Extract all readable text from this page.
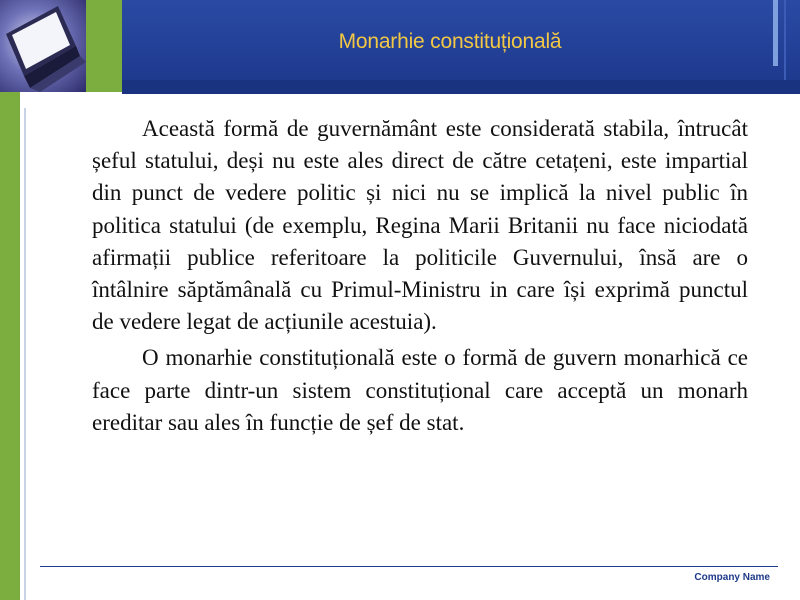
Monarhie constituțională

Această formă de guvernământ este considerată stabila, întrucât șeful statului, deși nu este ales direct de către cetațeni, este impartial din punct de vedere politic și nici nu se implică la nivel public în politica statului (de exemplu, Regina Marii Britanii nu face niciodată afirmații publice referitoare la politicile Guvernului, însă are o întâlnire săptămânală cu Primul-Ministru in care își exprimă punctul de vedere legat de acțiunile acestuia).

O monarhie constituțională este o formă de guvern monarhică ce face parte dintr-un sistem constituțional care acceptă un monarh ereditar sau ales în funcție de șef de stat.

Company Name
